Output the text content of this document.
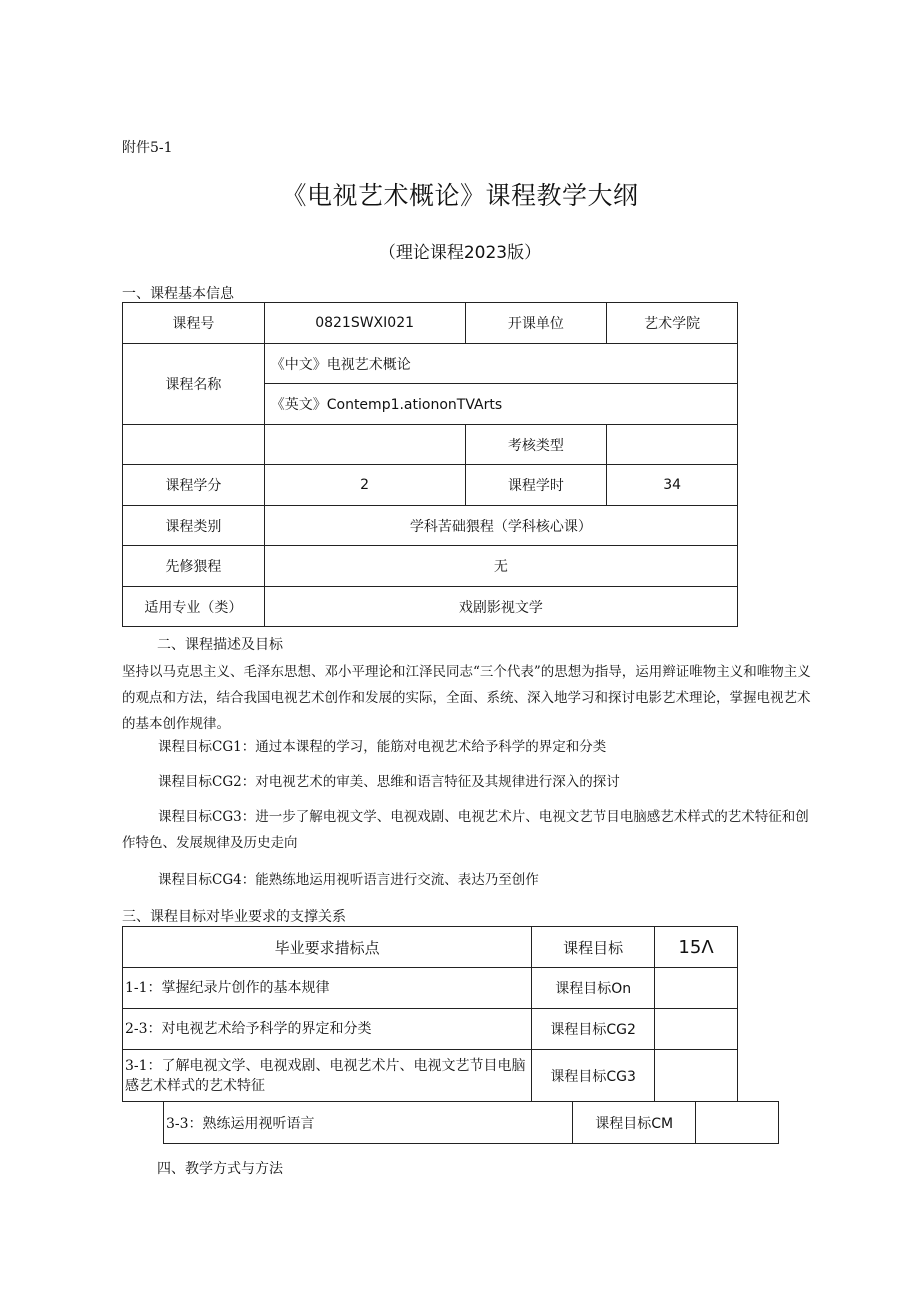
附件5-1
《电视艺术概论》课程教学大纲
（理论课程2023版）
一、课程基本信息
课程号	0821SWXI021	开课单位	艺术学院
课程名称	《中文》电视艺术概论		
	《英文》Contemp1.ationonTVArts		
		考核类型	
课程学分	2	课程学时	34
课程类别	学科苦础猥程（学科核心课）		
先修猥程	无		
适用专业（类）	戏剧影视文学		
二、课程描述及目标
坚持以马克思主义、毛泽东思想、邓小平理论和江泽民同志“三个代表”的思想为指导，运用辫证唯物主义和唯物主义的观点和方法，结合我国电视艺术创作和发展的实际，全面、系统、深入地学习和探讨电影艺术理论，掌握电视艺术的基本创作规律。
课程目标CG1：通过本课程的学习，能筋对电视艺术给予科学的界定和分类
课程目标CG2：对电视艺术的审美、思维和语言特征及其规律进行深入的探讨
课程目标CG3：进一步了解电视文学、电视戏剧、电视艺术片、电视文艺节目电脑感艺术样式的艺术特征和创作特色、发展规律及历史走向
课程目标CG4：能熟练地运用视听语言进行交流、表达乃至创作
三、课程目标对毕业要求的支撑关系
毕业要求措标点	课程目标	15Λ
1-1：掌握纪录片创作的基本规律	课程目标On	
2-3：对电视艺术给予科学的界定和分类	课程目标CG2	
3-1：了解电视文学、电视戏剧、电视艺术片、电视文艺节目电脑感艺术样式的艺术特征	课程目标CG3	
3-3：熟练运用视听语言	课程目标CM	
四、教学方式与方法
